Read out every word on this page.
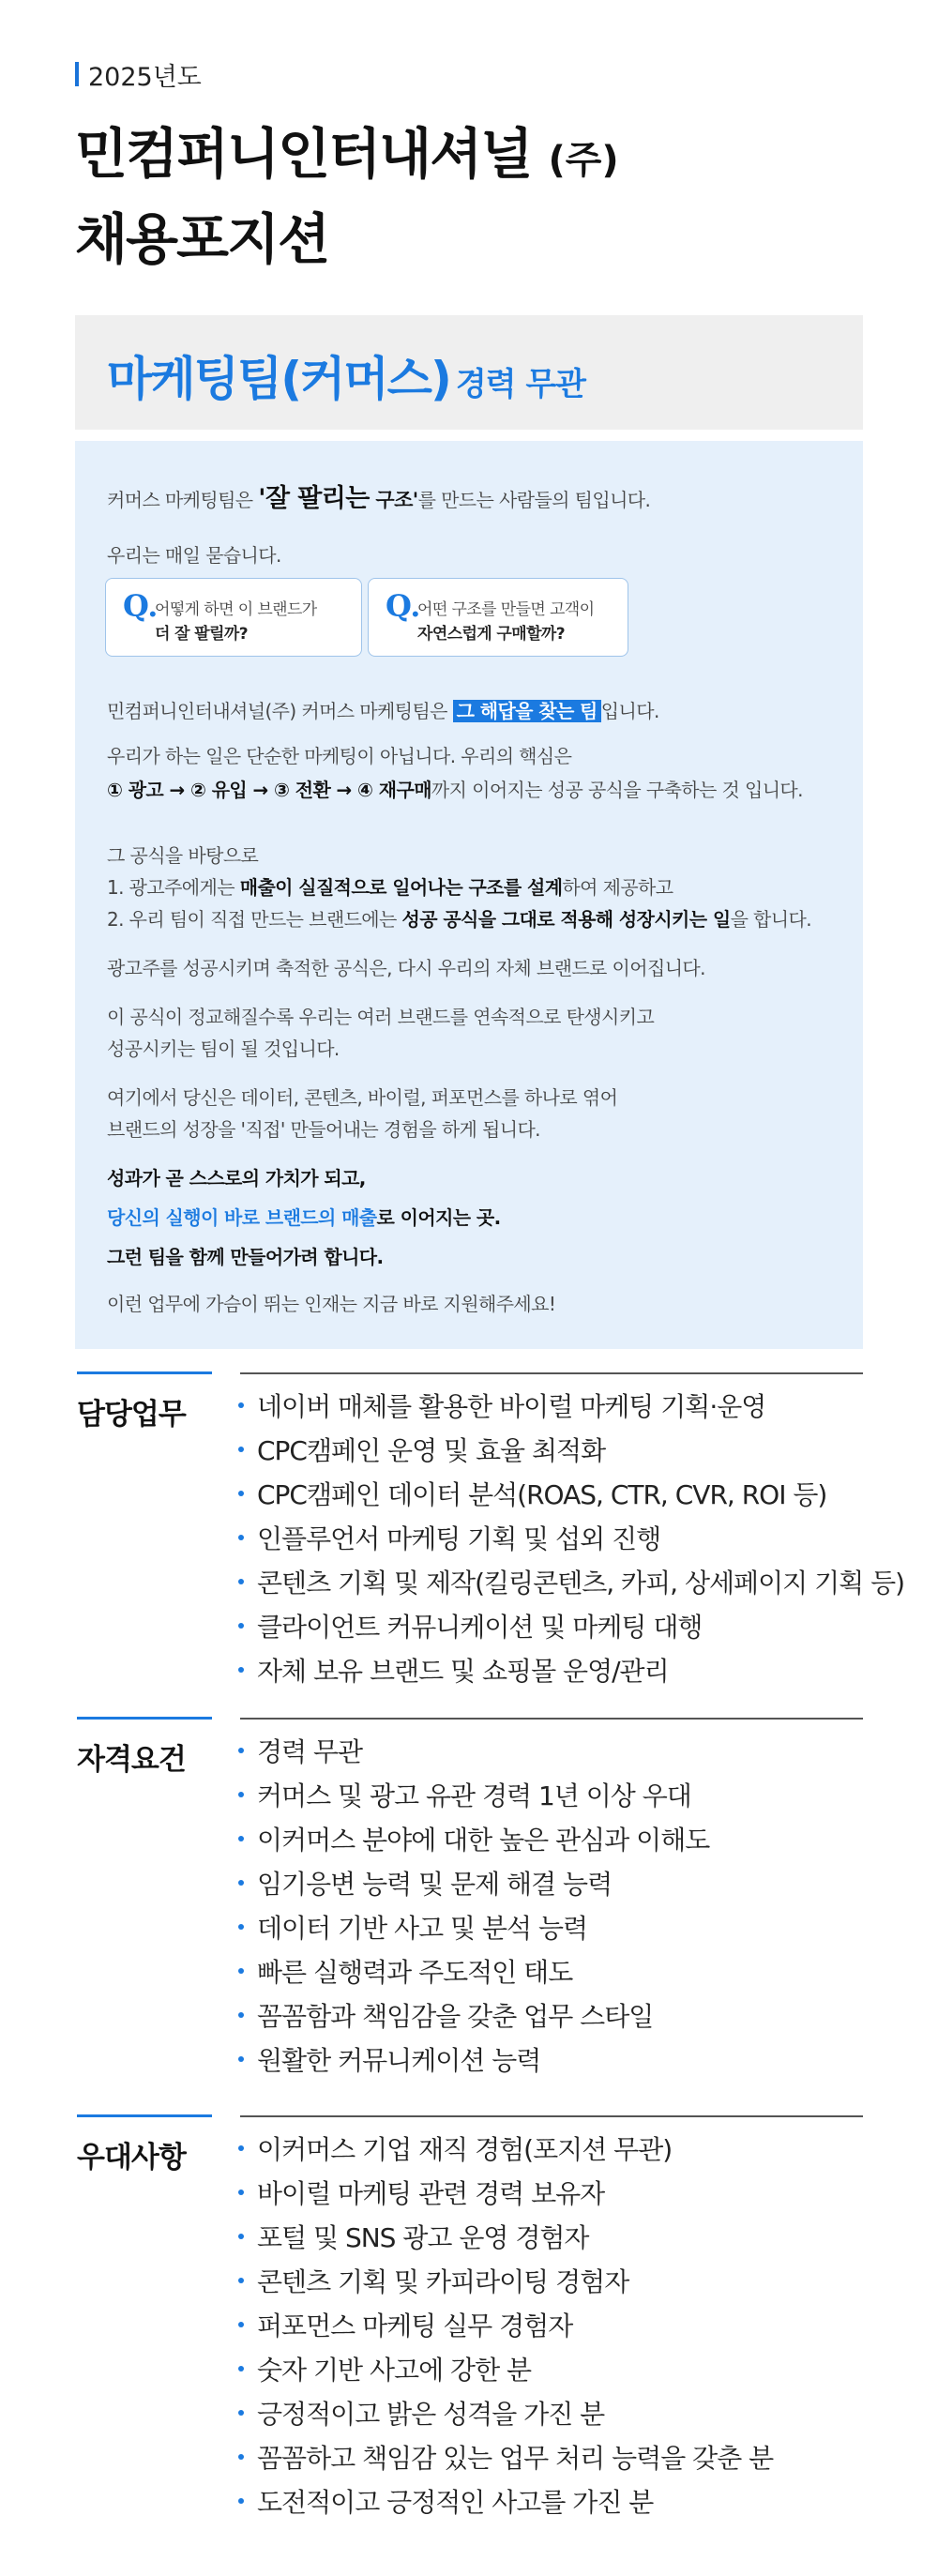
2025년도
민컴퍼니인터내셔널 (주)
채용포지션
마케팅팀(커머스) 경력 무관

커머스 마케팅팀은 '잘 팔리는 구조'를 만드는 사람들의 팀입니다.

우리는 매일 묻습니다.

민컴퍼니인터내셔널(주) 커머스 마케팅팀은 그 해답을 찾는 팀 입니다.

우리가 하는 일은 단순한 마케팅이 아닙니다. 우리의 핵심은

① 광고 → ② 유입 → ③ 전환 → ④ 재구매까지 이어지는 성공 공식을 구축하는 것 입니다.

그 공식을 바탕으로

1. 광고주에게는 매출이 실질적으로 일어나는 구조를 설계하여 제공하고

2. 우리 팀이 직접 만드는 브랜드에는 성공 공식을 그대로 적용해 성장시키는 일을 합니다.

광고주를 성공시키며 축적한 공식은, 다시 우리의 자체 브랜드로 이어집니다.

이 공식이 정교해질수록 우리는 여러 브랜드를 연속적으로 탄생시키고

성공시키는 팀이 될 것입니다.

여기에서 당신은 데이터, 콘텐츠, 바이럴, 퍼포먼스를 하나로 엮어

브랜드의 성장을 '직접' 만들어내는 경험을 하게 됩니다.

성과가 곧 스스로의 가치가 되고,

당신의 실행이 바로 브랜드의 매출로 이어지는 곳.

그런 팀을 함께 만들어가려 합니다.

이런 업무에 가슴이 뛰는 인재는 지금 바로 지원해주세요!

Q.
어떻게 하면 이 브랜드가
더 잘 팔릴까?
Q.
어떤 구조를 만들면 고객이
자연스럽게 구매할까?
담당업무	네이버 매체를 활용한 바이럴 마케팅 기획·운영
CPC캠페인 운영 및 효율 최적화
CPC캠페인 데이터 분석(ROAS, CTR, CVR, ROI 등)
인플루언서 마케팅 기획 및 섭외 진행
콘텐츠 기획 및 제작(킬링콘텐츠, 카피, 상세페이지 기획 등)
클라이언트 커뮤니케이션 및 마케팅 대행
자체 보유 브랜드 및 쇼핑몰 운영/관리
자격요건	경력 무관
커머스 및 광고 유관 경력 1년 이상 우대
이커머스 분야에 대한 높은 관심과 이해도
임기응변 능력 및 문제 해결 능력
데이터 기반 사고 및 분석 능력
빠른 실행력과 주도적인 태도
꼼꼼함과 책임감을 갖춘 업무 스타일
원활한 커뮤니케이션 능력
우대사항	이커머스 기업 재직 경험(포지션 무관)
바이럴 마케팅 관련 경력 보유자
포털 및 SNS 광고 운영 경험자
콘텐츠 기획 및 카피라이팅 경험자
퍼포먼스 마케팅 실무 경험자
숫자 기반 사고에 강한 분
긍정적이고 밝은 성격을 가진 분
꼼꼼하고 책임감 있는 업무 처리 능력을 갖춘 분
도전적이고 긍정적인 사고를 가진 분
